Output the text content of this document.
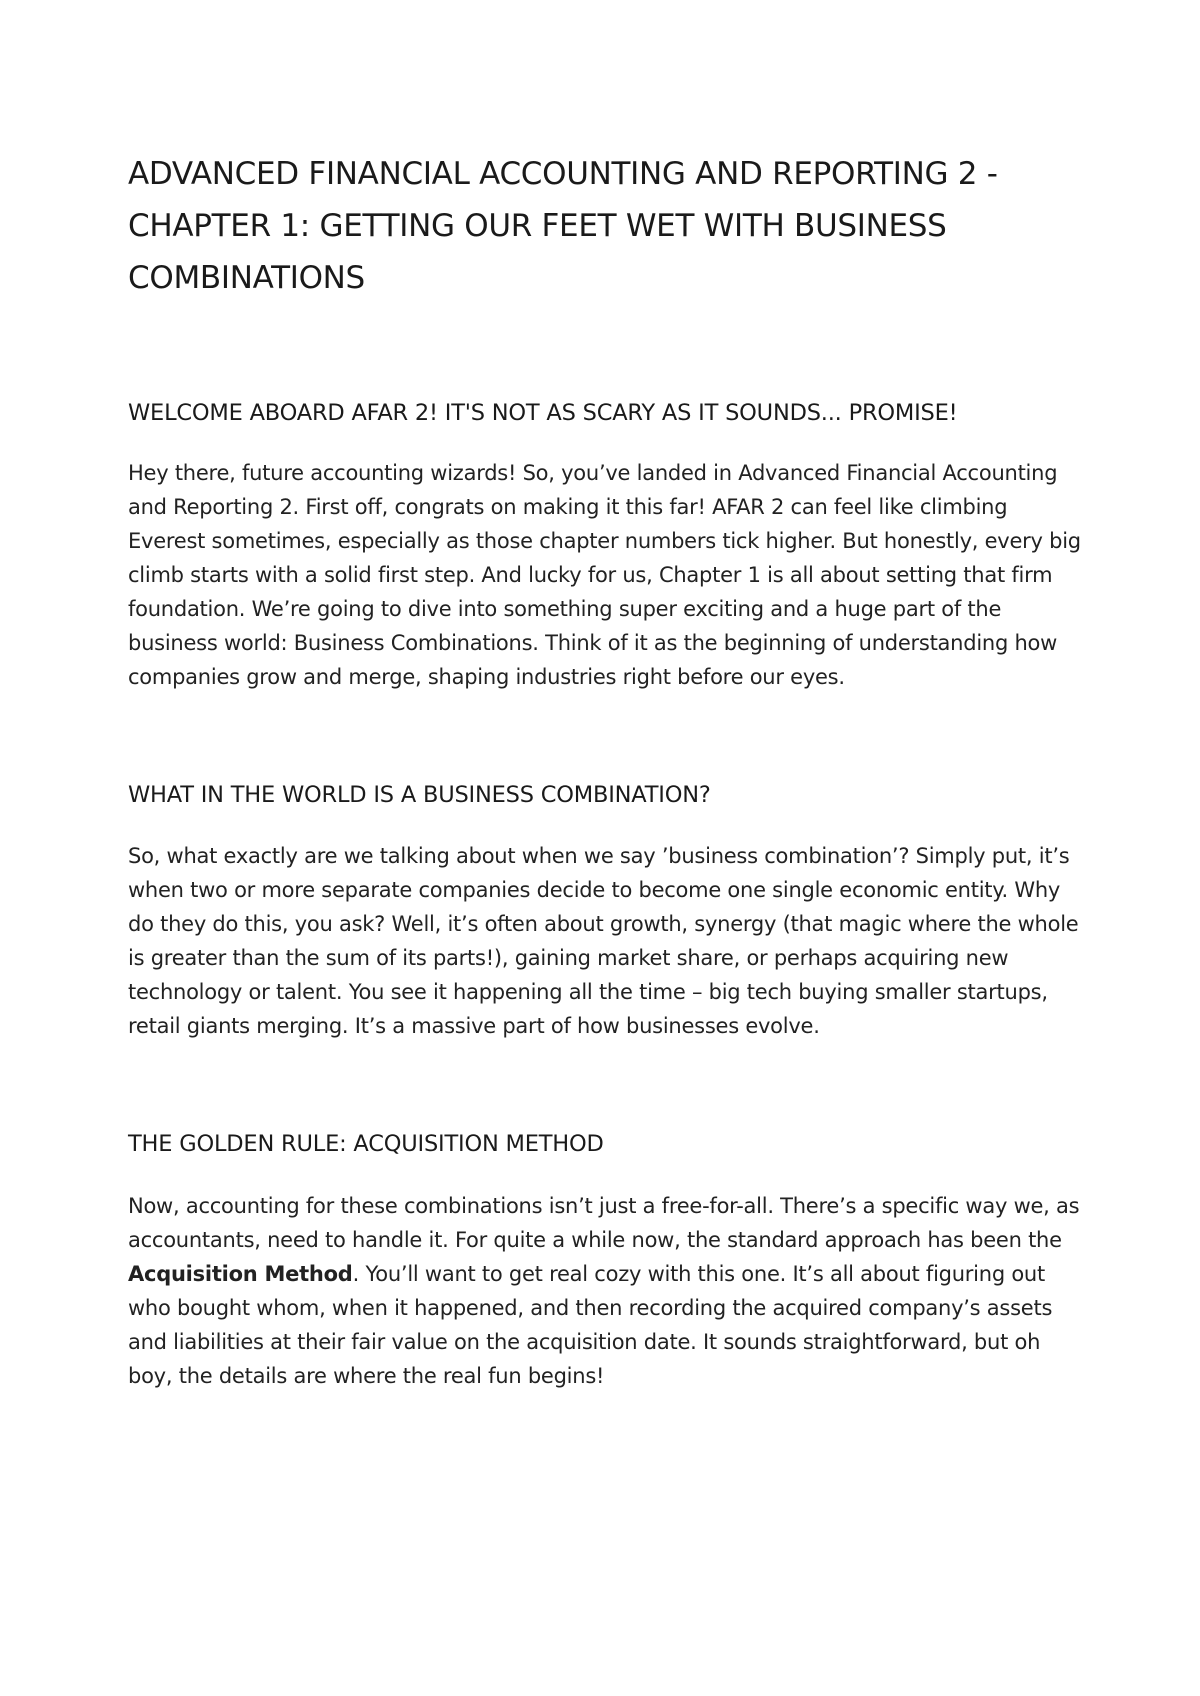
ADVANCED FINANCIAL ACCOUNTING AND REPORTING 2 - CHAPTER 1: GETTING OUR FEET WET WITH BUSINESS COMBINATIONS
WELCOME ABOARD AFAR 2! IT'S NOT AS SCARY AS IT SOUNDS... PROMISE!

Hey there, future accounting wizards! So, you’ve landed in Advanced Financial Accounting and Reporting 2. First off, congrats on making it this far! AFAR 2 can feel like climbing Everest sometimes, especially as those chapter numbers tick higher. But honestly, every big climb starts with a solid first step. And lucky for us, Chapter 1 is all about setting that firm foundation. We’re going to dive into something super exciting and a huge part of the business world: Business Combinations. Think of it as the beginning of understanding how companies grow and merge, shaping industries right before our eyes.

WHAT IN THE WORLD IS A BUSINESS COMBINATION?

So, what exactly are we talking about when we say ’business combination’? Simply put, it’s when two or more separate companies decide to become one single economic entity. Why do they do this, you ask? Well, it’s often about growth, synergy (that magic where the whole is greater than the sum of its parts!), gaining market share, or perhaps acquiring new technology or talent. You see it happening all the time – big tech buying smaller startups, retail giants merging. It’s a massive part of how businesses evolve.

THE GOLDEN RULE: ACQUISITION METHOD

Now, accounting for these combinations isn’t just a free-for-all. There’s a specific way we, as accountants, need to handle it. For quite a while now, the standard approach has been the Acquisition Method. You’ll want to get real cozy with this one. It’s all about figuring out who bought whom, when it happened, and then recording the acquired company’s assets and liabilities at their fair value on the acquisition date. It sounds straightforward, but oh boy, the details are where the real fun begins!
